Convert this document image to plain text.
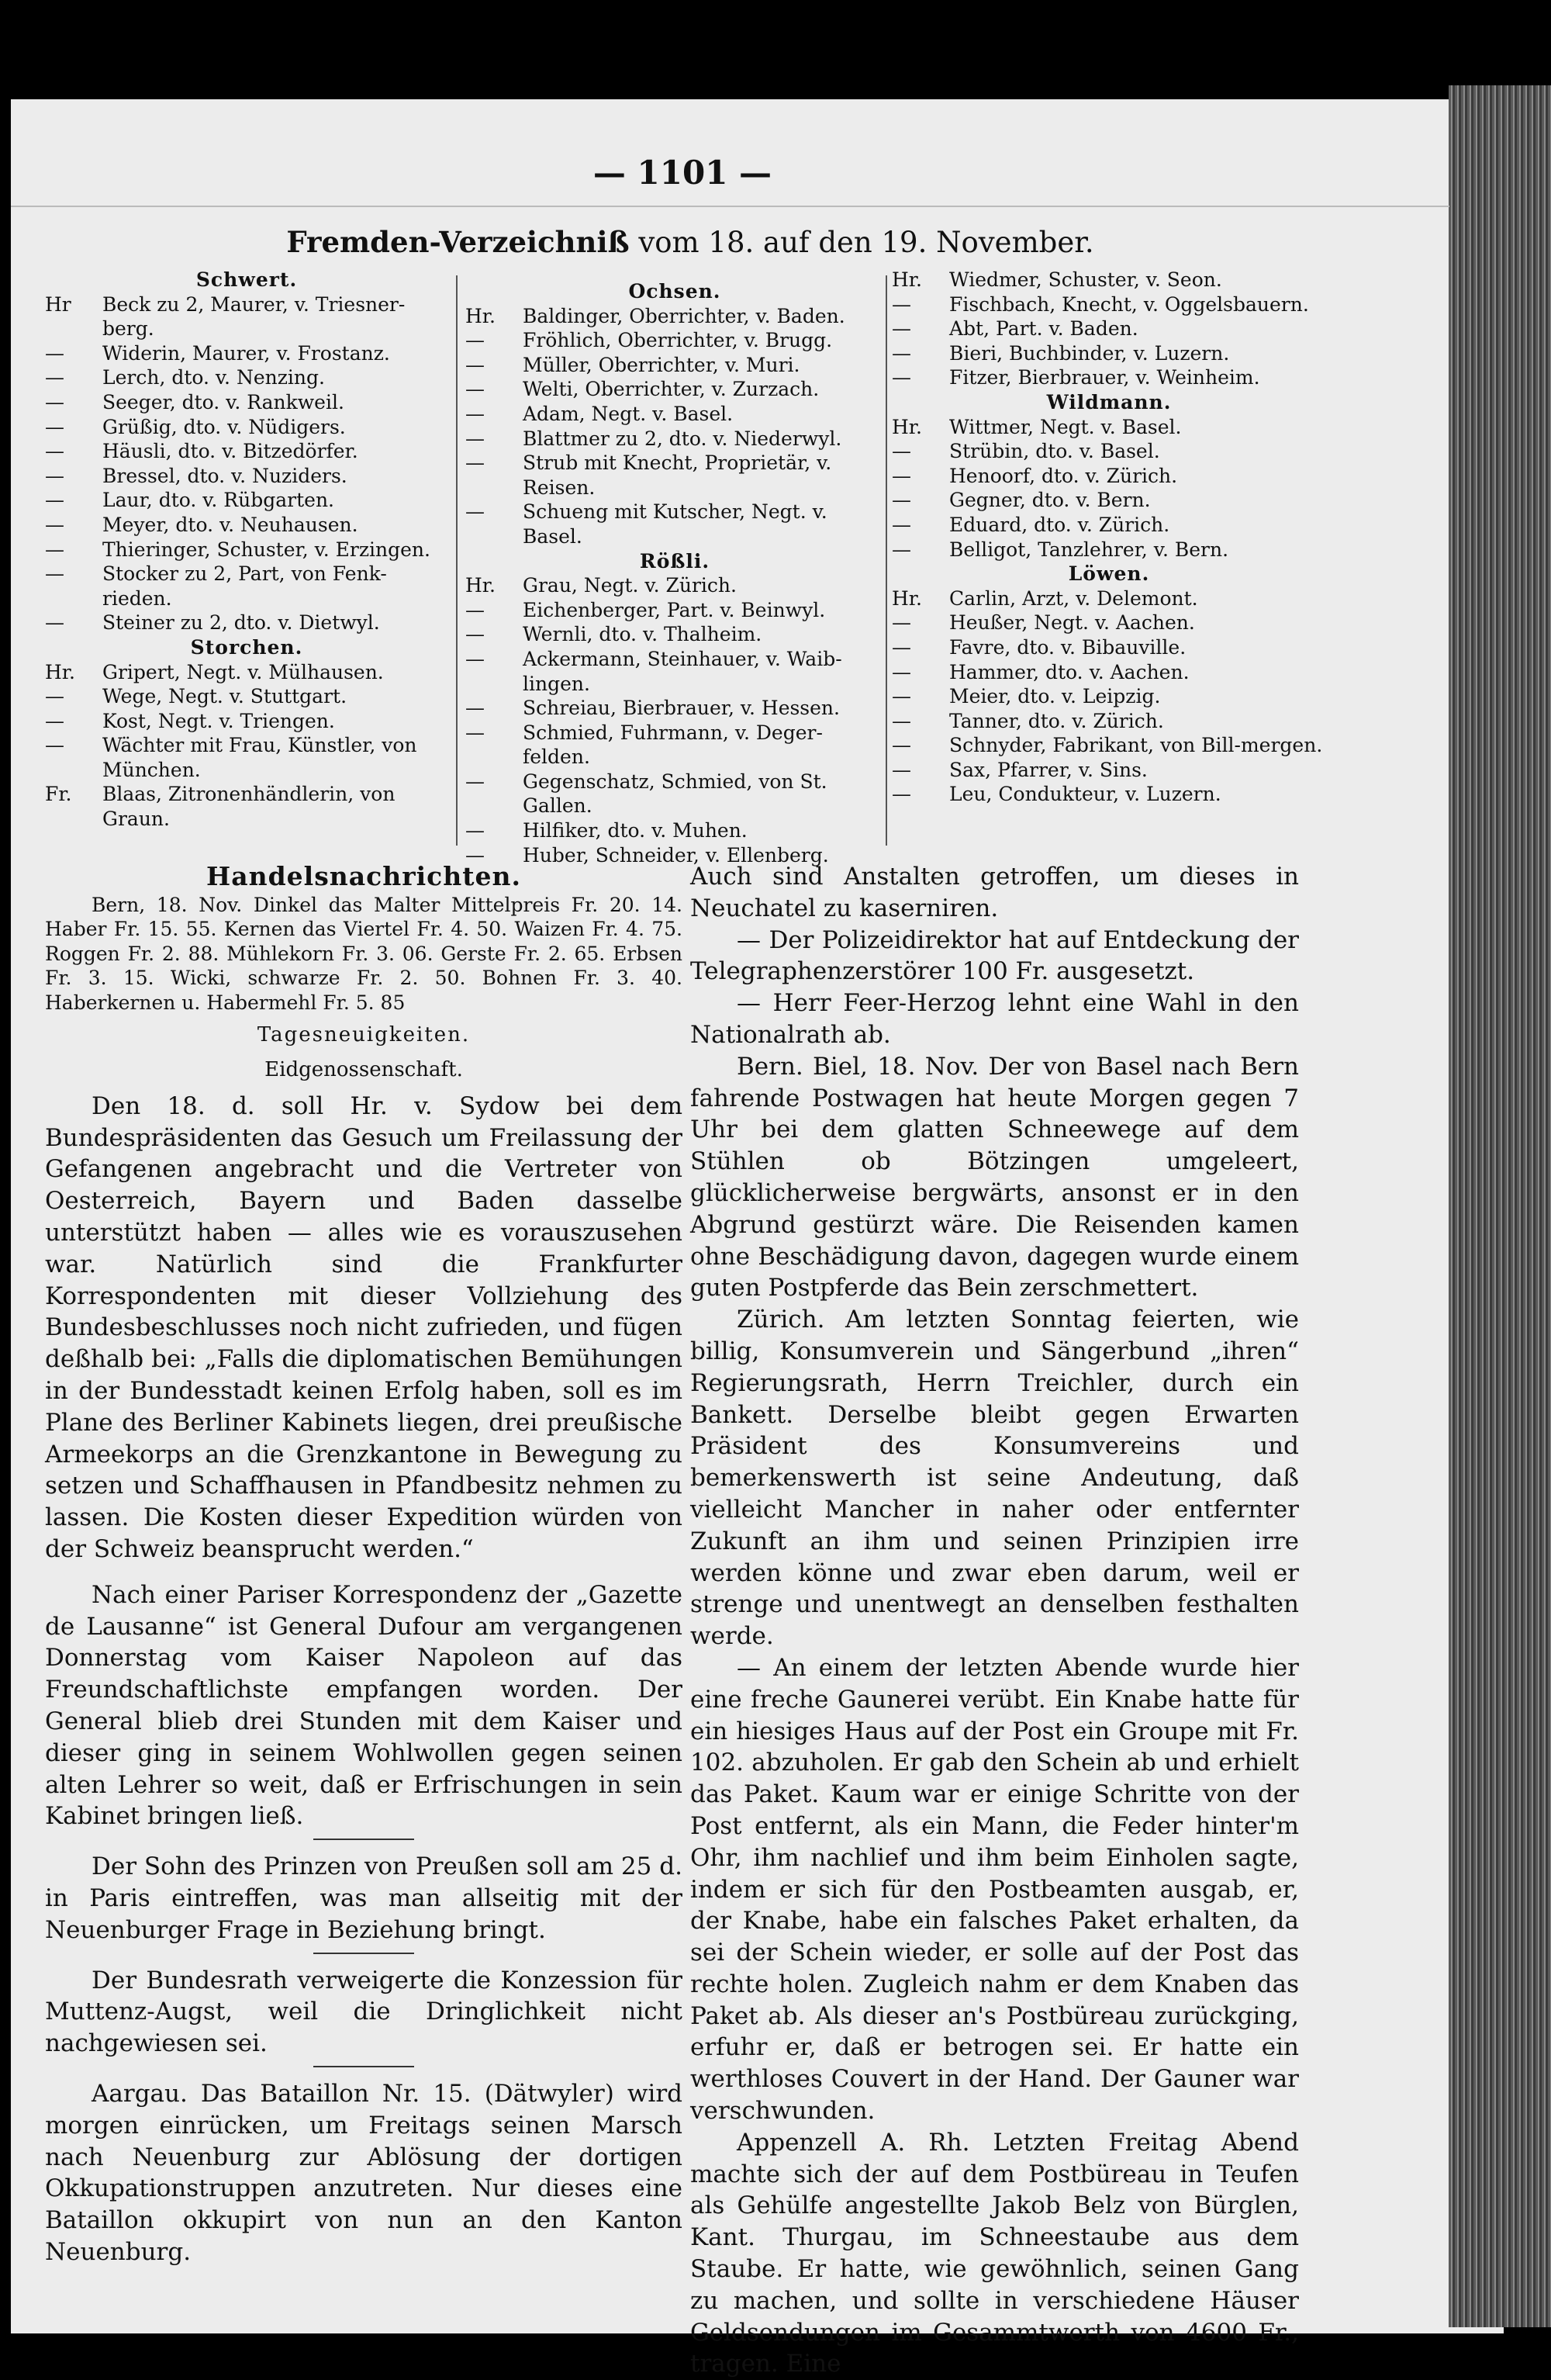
— 1101 —
Fremden-Verzeichniß vom 18. auf den 19. November.
Schwert.
Hr	Beck zu 2, Maurer, v. Triesner-berg.
—	Widerin, Maurer, v. Frostanz.
—	Lerch, dto. v. Nenzing.
—	Seeger, dto. v. Rankweil.
—	Grüßig, dto. v. Nüdigers.
—	Häusli, dto. v. Bitzedörfer.
—	Bressel, dto. v. Nuziders.
—	Laur, dto. v. Rübgarten.
—	Meyer, dto. v. Neuhausen.
—	Thieringer, Schuster, v. Erzingen.
—	Stocker zu 2, Part, von Fenk-rieden.
—	Steiner zu 2, dto. v. Dietwyl.
Storchen.
Hr.	Gripert, Negt. v. Mülhausen.
—	Wege, Negt. v. Stuttgart.
—	Kost, Negt. v. Triengen.
—	Wächter mit Frau, Künstler, von München.
Fr.	Blaas, Zitronenhändlerin, von Graun.
Ochsen.
Hr.	Baldinger, Oberrichter, v. Baden.
—	Fröhlich, Oberrichter, v. Brugg.
—	Müller, Oberrichter, v. Muri.
—	Welti, Oberrichter, v. Zurzach.
—	Adam, Negt. v. Basel.
—	Blattmer zu 2, dto. v. Niederwyl.
—	Strub mit Knecht, Proprietär, v. Reisen.
—	Schueng mit Kutscher, Negt. v. Basel.
Rößli.
Hr.	Grau, Negt. v. Zürich.
—	Eichenberger, Part. v. Beinwyl.
—	Wernli, dto. v. Thalheim.
—	Ackermann, Steinhauer, v. Waib-lingen.
—	Schreiau, Bierbrauer, v. Hessen.
—	Schmied, Fuhrmann, v. Deger-felden.
—	Gegenschatz, Schmied, von St. Gallen.
—	Hilfiker, dto. v. Muhen.
—	Huber, Schneider, v. Ellenberg.
Hr.	Wiedmer, Schuster, v. Seon.
—	Fischbach, Knecht, v. Oggelsbauern.
—	Abt, Part. v. Baden.
—	Bieri, Buchbinder, v. Luzern.
—	Fitzer, Bierbrauer, v. Weinheim.
Wildmann.
Hr.	Wittmer, Negt. v. Basel.
—	Strübin, dto. v. Basel.
—	Henoorf, dto. v. Zürich.
—	Gegner, dto. v. Bern.
—	Eduard, dto. v. Zürich.
—	Belligot, Tanzlehrer, v. Bern.
Löwen.
Hr.	Carlin, Arzt, v. Delemont.
—	Heußer, Negt. v. Aachen.
—	Favre, dto. v. Bibauville.
—	Hammer, dto. v. Aachen.
—	Meier, dto. v. Leipzig.
—	Tanner, dto. v. Zürich.
—	Schnyder, Fabrikant, von Bill-mergen.
—	Sax, Pfarrer, v. Sins.
—	Leu, Condukteur, v. Luzern.
Handelsnachrichten.

Bern, 18. Nov. Dinkel das Malter Mittelpreis Fr. 20. 14. Haber Fr. 15. 55. Kernen das Viertel Fr. 4. 50. Waizen Fr. 4. 75. Roggen Fr. 2. 88. Mühlekorn Fr. 3. 06. Gerste Fr. 2. 65. Erbsen Fr. 3. 15. Wicki, schwarze Fr. 2. 50. Bohnen Fr. 3. 40. Haberkernen u. Habermehl Fr. 5. 85

Tagesneuigkeiten.
Eidgenossenschaft.

Den 18. d. soll Hr. v. Sydow bei dem Bundespräsidenten das Gesuch um Freilassung der Gefangenen angebracht und die Vertreter von Oesterreich, Bayern und Baden dasselbe unterstützt haben — alles wie es vorauszusehen war. Natürlich sind die Frankfurter Korrespondenten mit dieser Vollziehung des Bundesbeschlusses noch nicht zufrieden, und fügen deßhalb bei: „Falls die diplomatischen Bemühungen in der Bundesstadt keinen Erfolg haben, soll es im Plane des Berliner Kabinets liegen, drei preußische Armeekorps an die Grenzkantone in Bewegung zu setzen und Schaffhausen in Pfandbesitz nehmen zu lassen. Die Kosten dieser Expedition würden von der Schweiz beansprucht werden.“

Nach einer Pariser Korrespondenz der „Gazette de Lausanne“ ist General Dufour am vergangenen Donnerstag vom Kaiser Napoleon auf das Freundschaftlichste empfangen worden. Der General blieb drei Stunden mit dem Kaiser und dieser ging in seinem Wohlwollen gegen seinen alten Lehrer so weit, daß er Erfrischungen in sein Kabinet bringen ließ.

Der Sohn des Prinzen von Preußen soll am 25 d. in Paris eintreffen, was man allseitig mit der Neuenburger Frage in Beziehung bringt.

Der Bundesrath verweigerte die Konzession für Muttenz-Augst, weil die Dringlichkeit nicht nachgewiesen sei.

Aargau. Das Bataillon Nr. 15. (Dätwyler) wird morgen einrücken, um Freitags seinen Marsch nach Neuenburg zur Ablösung der dortigen Okkupationstruppen anzutreten. Nur dieses eine Bataillon okkupirt von nun an den Kanton Neuenburg.

Auch sind Anstalten getroffen, um dieses in Neuchatel zu kaserniren.

— Der Polizeidirektor hat auf Entdeckung der Telegraphenzerstörer 100 Fr. ausgesetzt.

— Herr Feer-Herzog lehnt eine Wahl in den Nationalrath ab.

Bern. Biel, 18. Nov. Der von Basel nach Bern fahrende Postwagen hat heute Morgen gegen 7 Uhr bei dem glatten Schneewege auf dem Stühlen ob Bötzingen umgeleert, glücklicherweise bergwärts, ansonst er in den Abgrund gestürzt wäre. Die Reisenden kamen ohne Beschädigung davon, dagegen wurde einem guten Postpferde das Bein zerschmettert.

Zürich. Am letzten Sonntag feierten, wie billig, Konsumverein und Sängerbund „ihren“ Regierungsrath, Herrn Treichler, durch ein Bankett. Derselbe bleibt gegen Erwarten Präsident des Konsumvereins und bemerkenswerth ist seine Andeutung, daß vielleicht Mancher in naher oder entfernter Zukunft an ihm und seinen Prinzipien irre werden könne und zwar eben darum, weil er strenge und unentwegt an denselben festhalten werde.

— An einem der letzten Abende wurde hier eine freche Gaunerei verübt. Ein Knabe hatte für ein hiesiges Haus auf der Post ein Groupe mit Fr. 102. abzuholen. Er gab den Schein ab und erhielt das Paket. Kaum war er einige Schritte von der Post entfernt, als ein Mann, die Feder hinter'm Ohr, ihm nachlief und ihm beim Einholen sagte, indem er sich für den Postbeamten ausgab, er, der Knabe, habe ein falsches Paket erhalten, da sei der Schein wieder, er solle auf der Post das rechte holen. Zugleich nahm er dem Knaben das Paket ab. Als dieser an's Postbüreau zurückging, erfuhr er, daß er betrogen sei. Er hatte ein werthloses Couvert in der Hand. Der Gauner war verschwunden.

Appenzell A. Rh. Letzten Freitag Abend machte sich der auf dem Postbüreau in Teufen als Gehülfe angestellte Jakob Belz von Bürglen, Kant. Thurgau, im Schneestaube aus dem Staube. Er hatte, wie gewöhnlich, seinen Gang zu machen, und sollte in verschiedene Häuser Geldsendungen im Gesammtwerth von 4600 Fr., tragen. Eine
